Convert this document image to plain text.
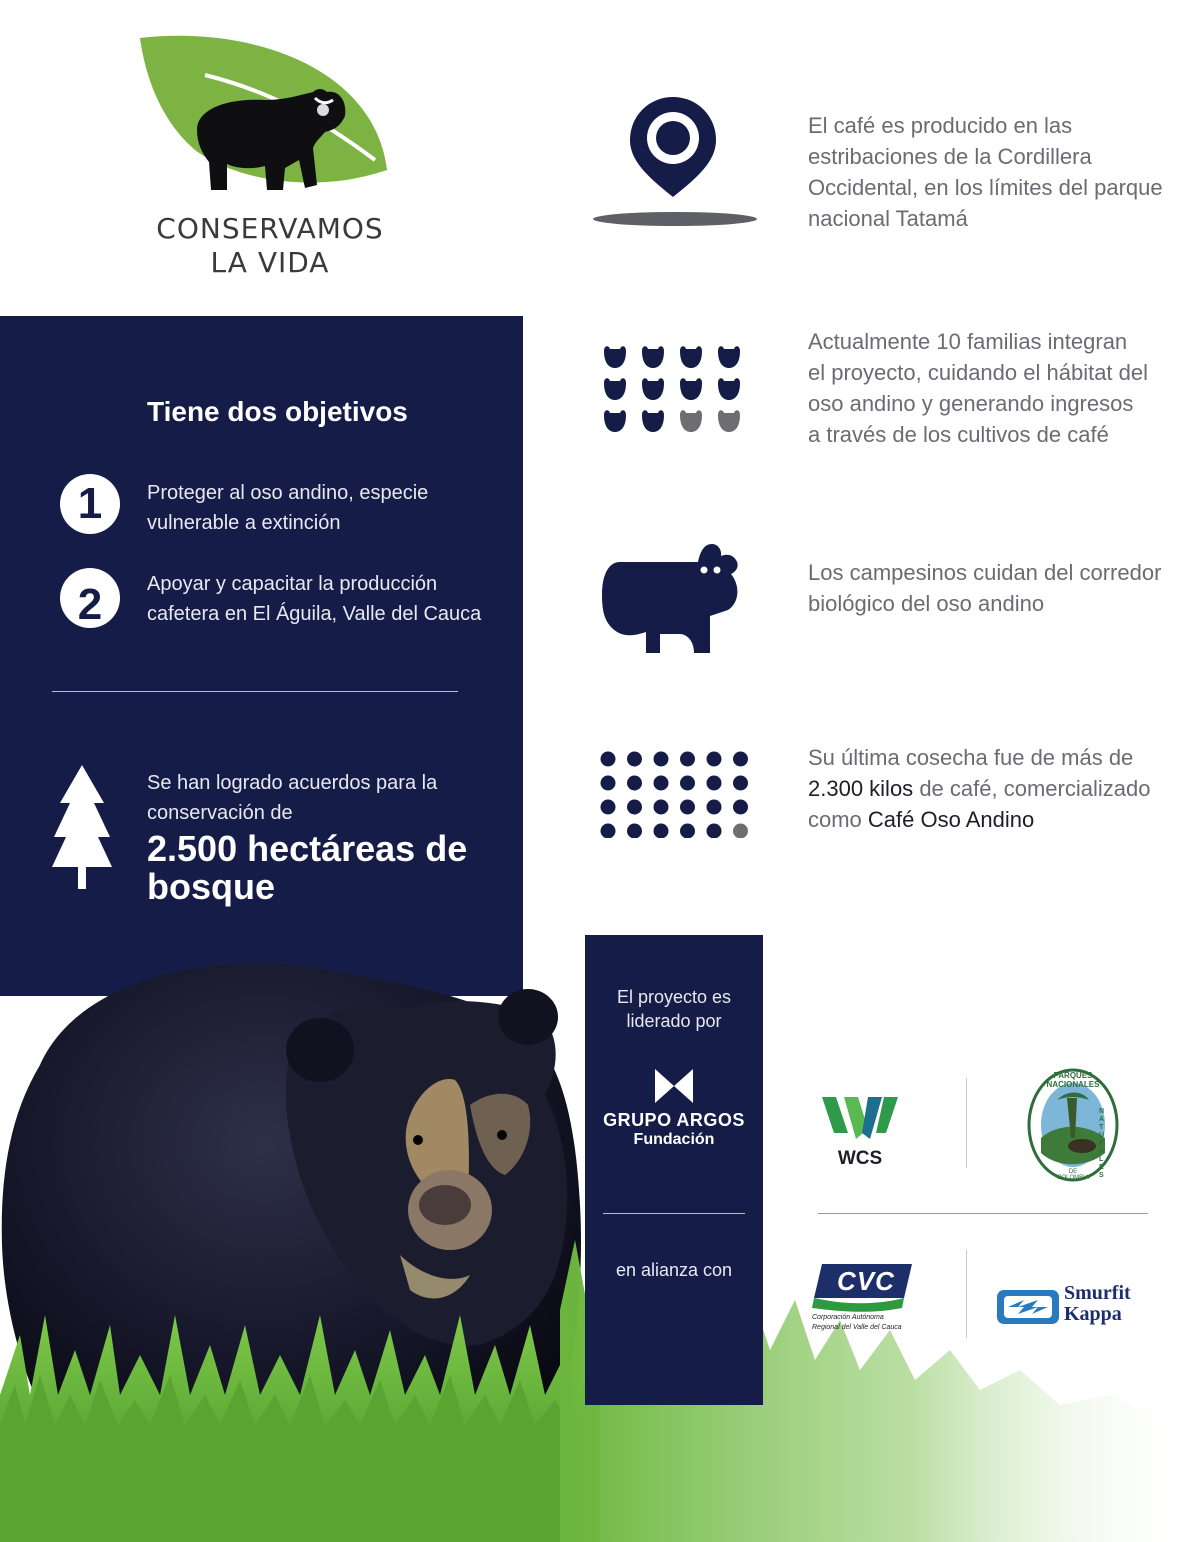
CONSERVAMOS
LA VIDA
Tiene dos objetivos
1	Proteger al oso andino, especie vulnerable a extinción
2	Apoyar y capacitar la producción cafetera en El Águila, Valle del Cauca
Se han logrado acuerdos para la conservación de
2.500 hectáreas de bosque
El café es producido en las estribaciones de la Cordillera Occidental, en los límites del parque nacional Tatamá
Actualmente 10 familias integran el proyecto, cuidando el hábitat del oso andino y generando ingresos a través de los cultivos de café
Los campesinos cuidan del corredor biológico del oso andino
Su última cosecha fue de más de 2.300 kilos de café, comercializado como Café Oso Andino
El proyecto es liderado por
GRUPO ARGOS
Fundación
en alianza con
WCS
PARQUES NACIONALES
DE COLOMBIA
NATURALES
CVC
Corporación Autónoma
Regional del Valle del Cauca
Smurfit
Kappa
